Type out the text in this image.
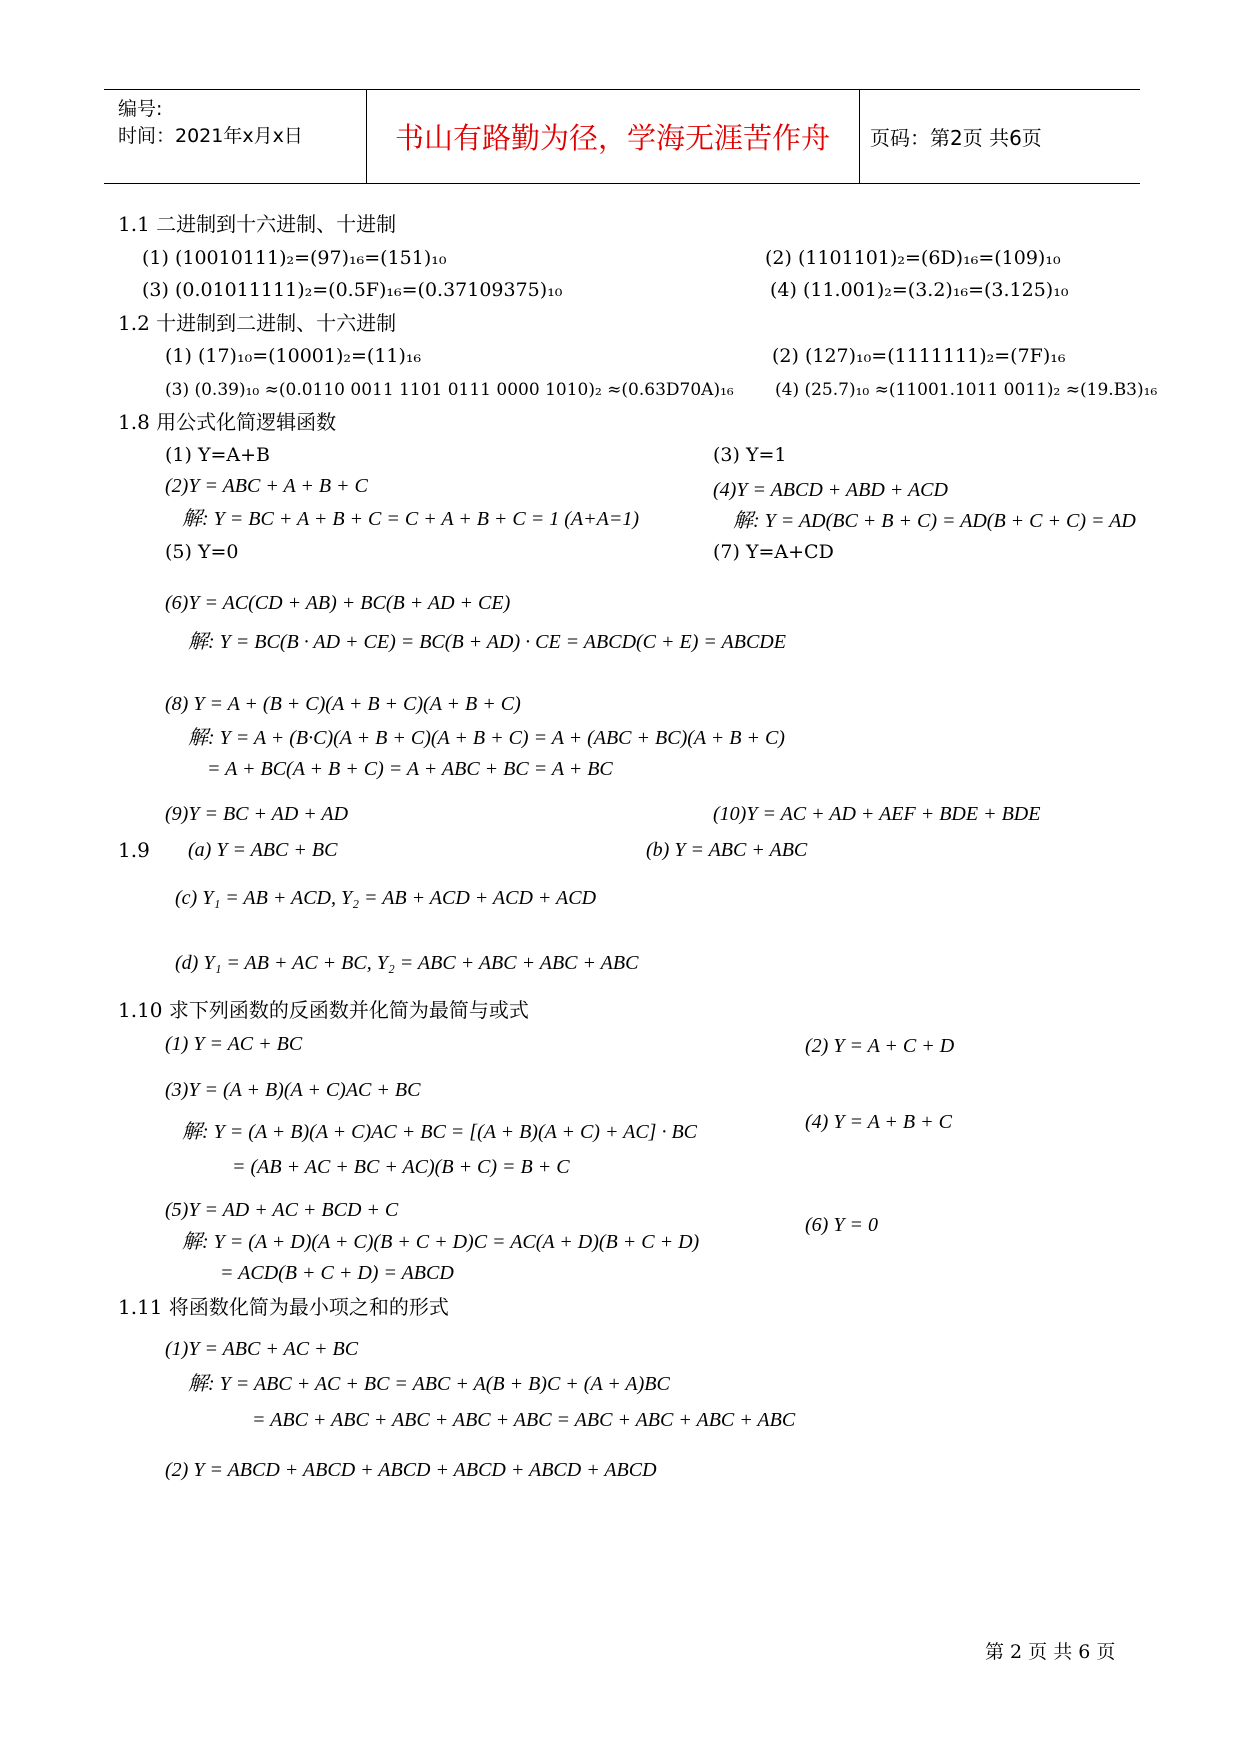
编号:
时间：2021年x月x日	书山有路勤为径，学海无涯苦作舟	页码：第2页 共6页
1.1 二进制到十六进制、十进制
(1) (10010111)₂=(97)₁₆=(151)₁₀	(2) (1101101)₂=(6D)₁₆=(109)₁₀
(3) (0.01011111)₂=(0.5F)₁₆=(0.37109375)₁₀	(4) (11.001)₂=(3.2)₁₆=(3.125)₁₀
1.2 十进制到二进制、十六进制
(1) (17)₁₀=(10001)₂=(11)₁₆	(2) (127)₁₀=(1111111)₂=(7F)₁₆
(3) (0.39)₁₀ ≈(0.0110 0011 1101 0111 0000 1010)₂ ≈(0.63D70A)₁₆ (4) (25.7)₁₀ ≈(11001.1011 0011)₂ ≈(19.B3)₁₆
1.8 用公式化简逻辑函数
(1) Y=A+B	(3) Y=1
(2)Y = ABC + A + B + C	(4)Y = ABCD + ABD + ACD
解: Y = BC + A + B + C = C + A + B + C = 1 (A+A=1)	解: Y = AD(BC + B + C) = AD(B + C + C) = AD
(5) Y=0	(7) Y=A+CD
(6)Y = AC(CD + AB) + BC(B + AD + CE)
解: Y = BC(B · AD + CE) = BC(B + AD) · CE = ABCD(C + E) = ABCDE
(8) Y = A + (B + C)(A + B + C)(A + B + C)
解: Y = A + (B·C)(A + B + C)(A + B + C) = A + (ABC + BC)(A + B + C)
= A + BC(A + B + C) = A + ABC + BC = A + BC
(9)Y = BC + AD + AD	(10)Y = AC + AD + AEF + BDE + BDE
1.9 (a) Y = ABC + BC	(b) Y = ABC + ABC
(c) Y₁ = AB + ACD, Y₂ = AB + ACD + ACD + ACD
(d) Y₁ = AB + AC + BC, Y₂ = ABC + ABC + ABC + ABC
1.10 求下列函数的反函数并化简为最简与或式
(1) Y = AC + BC	(2) Y = A + C + D
(3)Y = (A + B)(A + C)AC + BC
解: Y = (A + B)(A + C)AC + BC = [(A + B)(A + C) + AC] · BC	(4) Y = A + B + C
= (AB + AC + BC + AC)(B + C) = B + C
(5)Y = AD + AC + BCD + C
解: Y = (A + D)(A + C)(B + C + D)C = AC(A + D)(B + C + D)
(6) Y = 0
= ACD(B + C + D) = ABCD
1.11 将函数化简为最小项之和的形式
(1)Y = ABC + AC + BC
解: Y = ABC + AC + BC = ABC + A(B + B)C + (A + A)BC
= ABC + ABC + ABC + ABC + ABC = ABC + ABC + ABC + ABC
(2) Y = ABCD + ABCD + ABCD + ABCD + ABCD + ABCD
第 2 页 共 6 页
